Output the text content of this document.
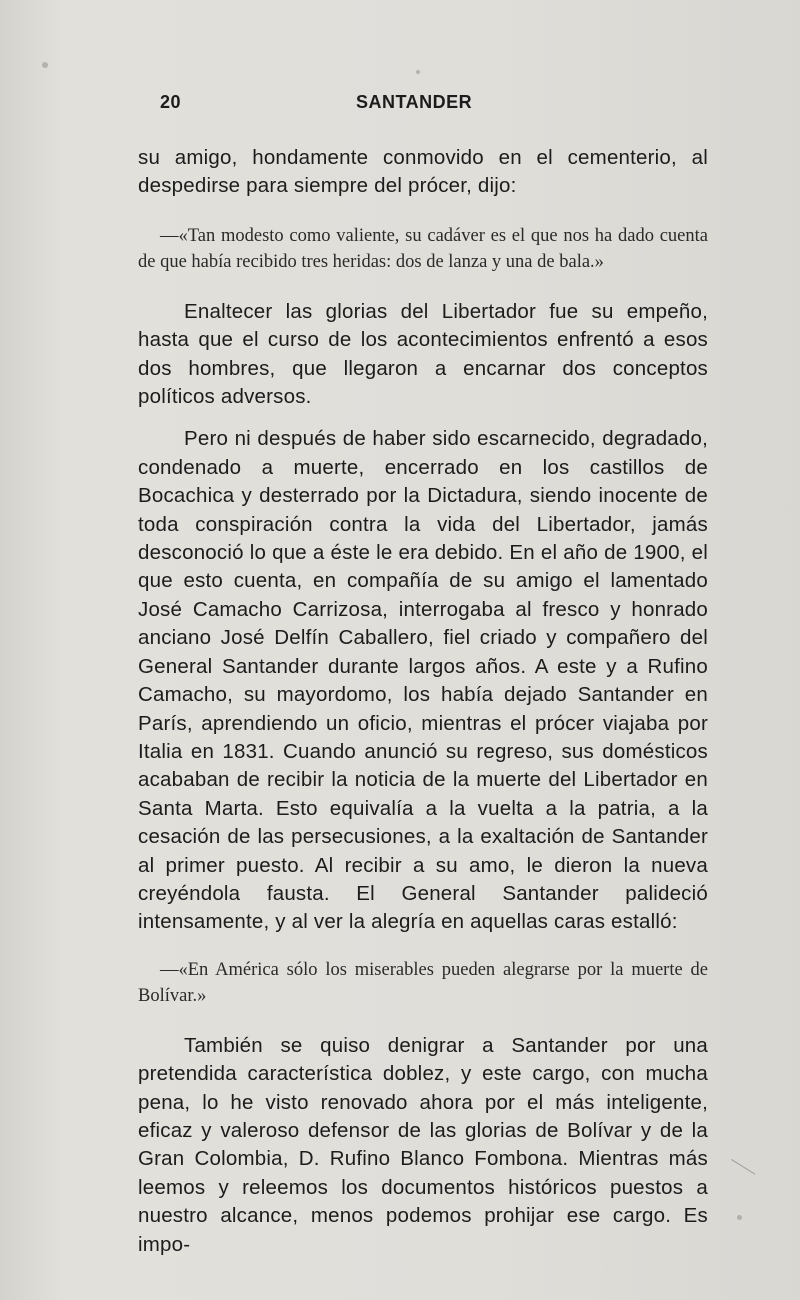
20	SANTANDER

su amigo, hondamente conmovido en el cementerio, al despedirse para siempre del prócer, dijo:

—«Tan modesto como valiente, su cadáver es el que nos ha dado cuenta de que había recibido tres heridas: dos de lanza y una de bala.»

Enaltecer las glorias del Libertador fue su empeño, hasta que el curso de los acontecimientos enfrentó a esos dos hombres, que llegaron a encarnar dos conceptos políticos adversos.

Pero ni después de haber sido escarnecido, degradado, condenado a muerte, encerrado en los castillos de Bocachica y desterrado por la Dictadura, siendo inocente de toda conspiración contra la vida del Libertador, jamás desconoció lo que a éste le era debido. En el año de 1900, el que esto cuenta, en compañía de su amigo el lamentado José Camacho Carrizosa, interrogaba al fresco y honrado anciano José Delfín Caballero, fiel criado y compañero del General Santander durante largos años. A este y a Rufino Camacho, su mayordomo, los había dejado Santander en París, aprendiendo un oficio, mientras el prócer viajaba por Italia en 1831. Cuando anunció su regreso, sus domésticos acababan de recibir la noticia de la muerte del Libertador en Santa Marta. Esto equivalía a la vuelta a la patria, a la cesación de las persecusiones, a la exaltación de Santander al primer puesto. Al recibir a su amo, le dieron la nueva creyéndola fausta. El General Santander palideció intensamente, y al ver la alegría en aquellas caras estalló:

—«En América sólo los miserables pueden alegrarse por la muerte de Bolívar.»

También se quiso denigrar a Santander por una pretendida característica doblez, y este cargo, con mucha pena, lo he visto renovado ahora por el más inteligente, eficaz y valeroso defensor de las glorias de Bolívar y de la Gran Colombia, D. Rufino Blanco Fombona. Mientras más leemos y releemos los documentos históricos puestos a nuestro alcance, menos podemos prohijar ese cargo. Es impo-
